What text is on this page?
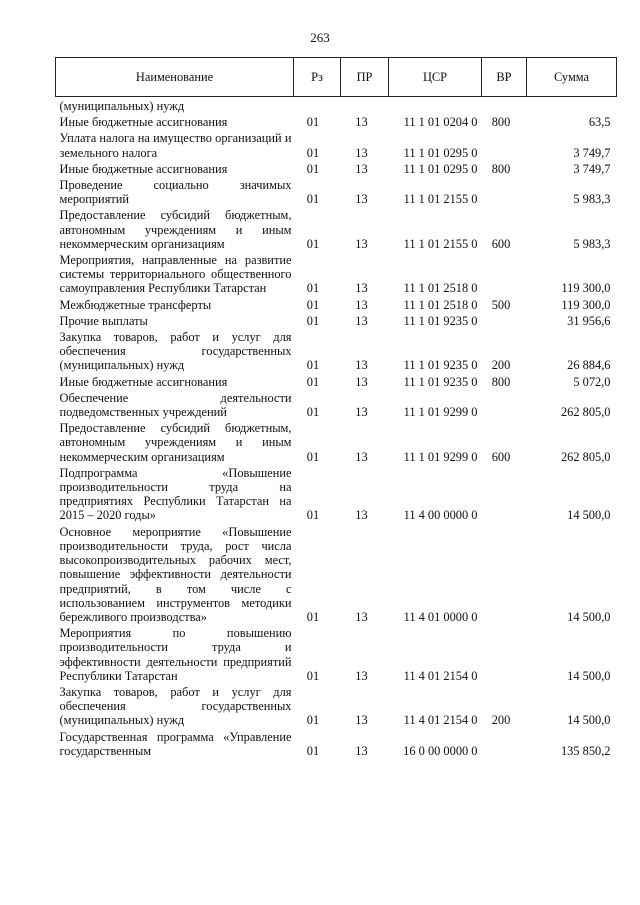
263
Наименование	Рз	ПР	ЦСР	ВР	Сумма
(муниципальных) нужд					
Иные бюджетные ассигнования	01	13	11 1 01 0204 0	800	63,5
Уплата налога на имущество организаций и земельного налога	01	13	11 1 01 0295 0		3 749,7
Иные бюджетные ассигнования	01	13	11 1 01 0295 0	800	3 749,7
Проведение социально значимых мероприятий	01	13	11 1 01 2155 0		5 983,3
Предоставление субсидий бюджетным, автономным учреждениям и иным некоммерческим организациям	01	13	11 1 01 2155 0	600	5 983,3
Мероприятия, направленные на развитие системы территориального общественного самоуправления Республики Татарстан	01	13	11 1 01 2518 0		119 300,0
Межбюджетные трансферты	01	13	11 1 01 2518 0	500	119 300,0
Прочие выплаты	01	13	11 1 01 9235 0		31 956,6
Закупка товаров, работ и услуг для обеспечения государственных (муниципальных) нужд	01	13	11 1 01 9235 0	200	26 884,6
Иные бюджетные ассигнования	01	13	11 1 01 9235 0	800	5 072,0
Обеспечение деятельности подведомственных учреждений	01	13	11 1 01 9299 0		262 805,0
Предоставление субсидий бюджетным, автономным учреждениям и иным некоммерческим организациям	01	13	11 1 01 9299 0	600	262 805,0
Подпрограмма «Повышение производительности труда на предприятиях Республики Татарстан на 2015 – 2020 годы»	01	13	11 4 00 0000 0		14 500,0
Основное мероприятие «Повышение производительности труда, рост числа высокопроизводительных рабочих мест, повышение эффективности деятельности предприятий, в том числе с использованием инструментов методики бережливого производства»	01	13	11 4 01 0000 0		14 500,0
Мероприятия по повышению производительности труда и эффективности деятельности предприятий Республики Татарстан	01	13	11 4 01 2154 0		14 500,0
Закупка товаров, работ и услуг для обеспечения государственных (муниципальных) нужд	01	13	11 4 01 2154 0	200	14 500,0
Государственная программа «Управление государственным	01	13	16 0 00 0000 0		135 850,2
